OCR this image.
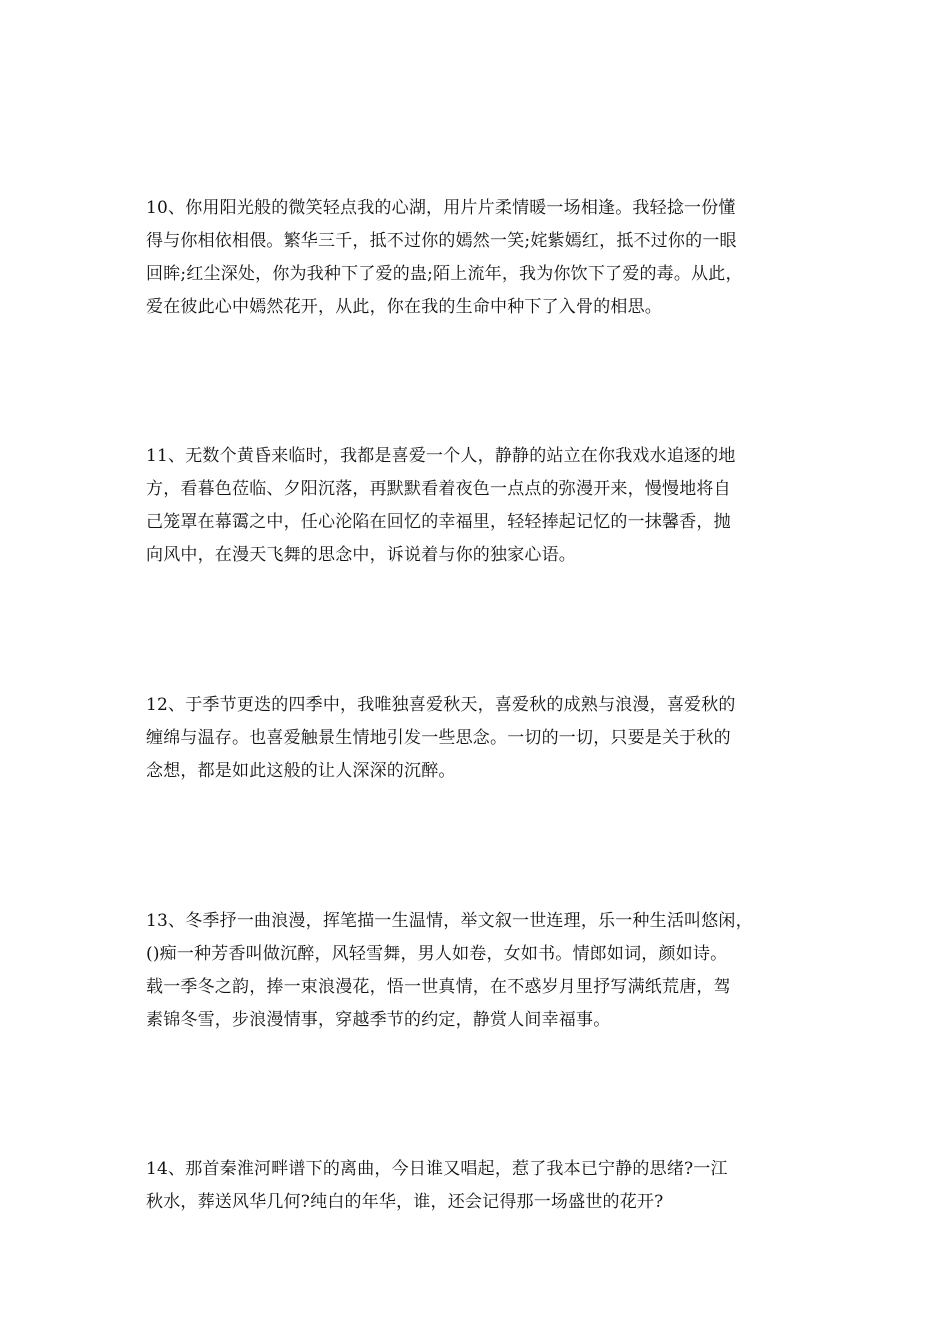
10、你用阳光般的微笑轻点我的心湖，用片片柔情暖一场相逢。我轻捻一份懂
得与你相依相偎。繁华三千，抵不过你的嫣然一笑;姹紫嫣红，抵不过你的一眼
回眸;红尘深处，你为我种下了爱的蛊;陌上流年，我为你饮下了爱的毒。从此，
爱在彼此心中嫣然花开，从此，你在我的生命中种下了入骨的相思。
11、无数个黄昏来临时，我都是喜爱一个人，静静的站立在你我戏水追逐的地
方，看暮色莅临、夕阳沉落，再默默看着夜色一点点的弥漫开来，慢慢地将自
己笼罩在幕霭之中，任心沦陷在回忆的幸福里，轻轻捧起记忆的一抹馨香，抛
向风中，在漫天飞舞的思念中，诉说着与你的独家心语。
12、于季节更迭的四季中，我唯独喜爱秋天，喜爱秋的成熟与浪漫，喜爱秋的
缠绵与温存。也喜爱触景生情地引发一些思念。一切的一切，只要是关于秋的
念想，都是如此这般的让人深深的沉醉。
13、冬季抒一曲浪漫，挥笔描一生温情，举文叙一世连理，乐一种生活叫悠闲，
()痴一种芳香叫做沉醉，风轻雪舞，男人如卷，女如书。情郎如词，颜如诗。
载一季冬之韵，捧一束浪漫花，悟一世真情，在不惑岁月里抒写满纸荒唐，驾
素锦冬雪，步浪漫情事，穿越季节的约定，静赏人间幸福事。
14、那首秦淮河畔谱下的离曲，今日谁又唱起，惹了我本已宁静的思绪?一江
秋水，葬送风华几何?纯白的年华，谁，还会记得那一场盛世的花开?
